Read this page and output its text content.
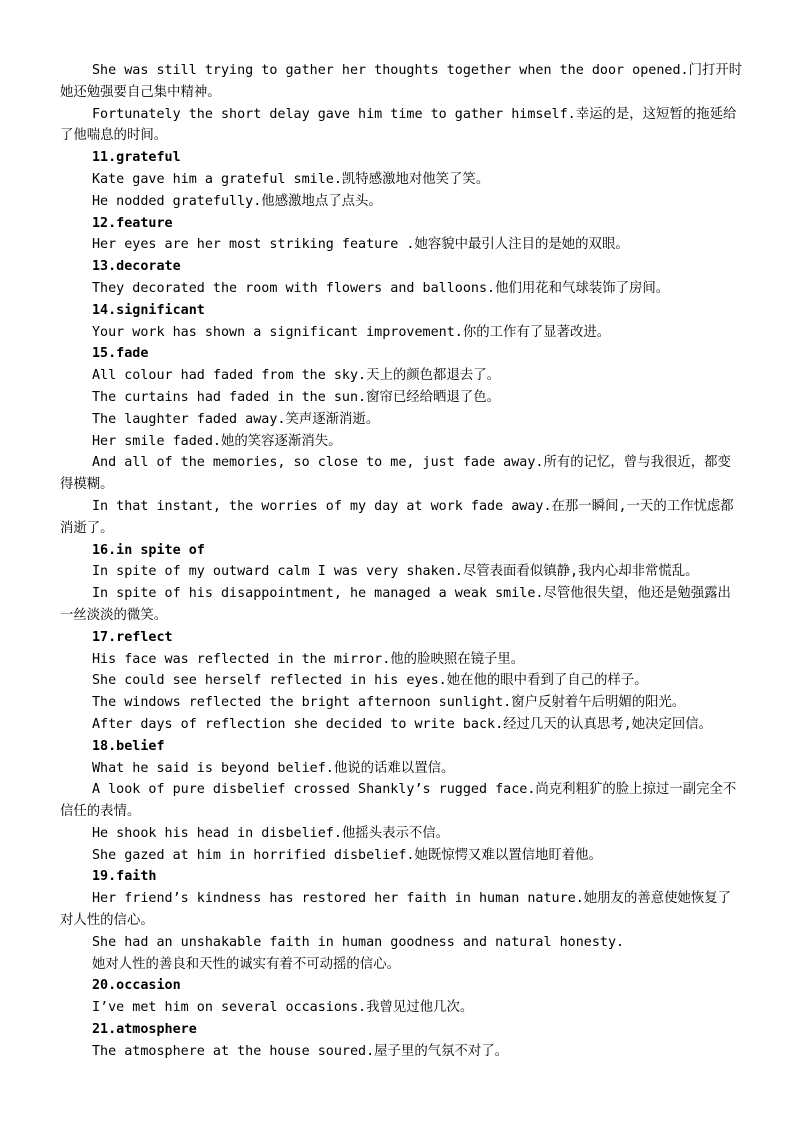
She was still trying to gather her thoughts together when the door opened.门打开时她还勉强要自己集中精神。
Fortunately the short delay gave him time to gather himself.幸运的是，这短暂的拖延给了他喘息的时间。
11.grateful
Kate gave him a grateful smile.凯特感激地对他笑了笑。
He nodded gratefully.他感激地点了点头。
12.feature
Her eyes are her most striking feature .她容貌中最引人注目的是她的双眼。
13.decorate
They decorated the room with flowers and balloons.他们用花和气球装饰了房间。
14.significant
Your work has shown a significant improvement.你的工作有了显著改进。
15.fade
All colour had faded from the sky.天上的颜色都退去了。
The curtains had faded in the sun.窗帘已经给晒退了色。
The laughter faded away.笑声逐渐消逝。
Her smile faded.她的笑容逐渐消失。
And all of the memories, so close to me, just fade away.所有的记忆，曾与我很近，都变得模糊。
In that instant, the worries of my day at work fade away.在那一瞬间,一天的工作忧虑都消逝了。
16.in spite of
In spite of my outward calm I was very shaken.尽管表面看似镇静,我内心却非常慌乱。
In spite of his disappointment, he managed a weak smile.尽管他很失望，他还是勉强露出一丝淡淡的微笑。
17.reflect
His face was reflected in the mirror.他的脸映照在镜子里。
She could see herself reflected in his eyes.她在他的眼中看到了自己的样子。
The windows reflected the bright afternoon sunlight.窗户反射着午后明媚的阳光。
After days of reflection she decided to write back.经过几天的认真思考,她决定回信。
18.belief
What he said is beyond belief.他说的话难以置信。
A look of pure disbelief crossed Shankly’s rugged face.尚克利粗犷的脸上掠过一副完全不信任的表情。
He shook his head in disbelief.他摇头表示不信。
She gazed at him in horrified disbelief.她既惊愕又难以置信地盯着他。
19.faith
Her friend’s kindness has restored her faith in human nature.她朋友的善意使她恢复了对人性的信心。
She had an unshakable faith in human goodness and natural honesty.
她对人性的善良和天性的诚实有着不可动摇的信心。
20.occasion
I’ve met him on several occasions.我曾见过他几次。
21.atmosphere
The atmosphere at the house soured.屋子里的气氛不对了。
